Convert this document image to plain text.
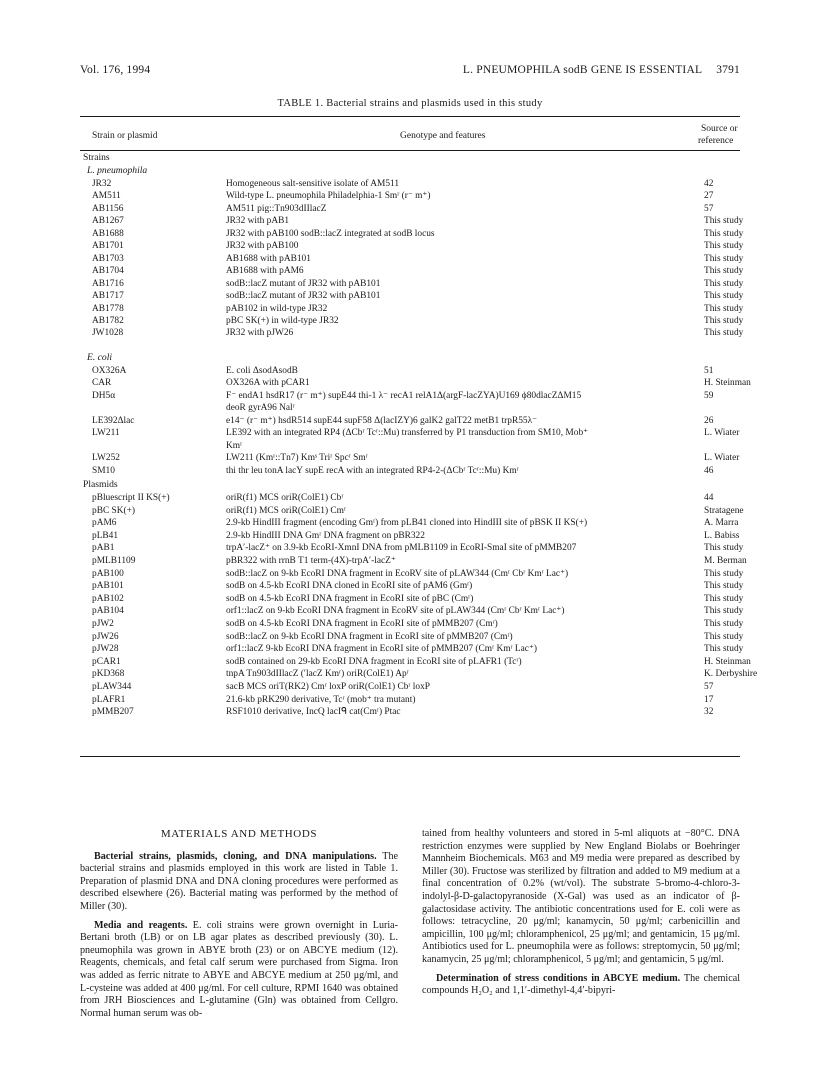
Vol. 176, 1994	L. PNEUMOPHILA sodB GENE IS ESSENTIAL 3791
TABLE 1. Bacterial strains and plasmids used in this study
Strain or plasmid	Genotype and features
Source or
reference
Strains
L. pneumophila
JR32	Homogeneous salt-sensitive isolate of AM511	42
AM511	Wild-type L. pneumophila Philadelphia-1 Smʳ (r⁻ m⁺)	27
AB1156	AM511 pig::Tn903dIIlacZ	57
AB1267	JR32 with pAB1	This study
AB1688	JR32 with pAB100 sodB::lacZ integrated at sodB locus	This study
AB1701	JR32 with pAB100	This study
AB1703	AB1688 with pAB101	This study
AB1704	AB1688 with pAM6	This study
AB1716	sodB::lacZ mutant of JR32 with pAB101	This study
AB1717	sodB::lacZ mutant of JR32 with pAB101	This study
AB1778	pAB102 in wild-type JR32	This study
AB1782	pBC SK(+) in wild-type JR32	This study
JW1028	JR32 with pJW26	This study
E. coli
OX326A	E. coli ΔsodAsodB	51
CAR	OX326A with pCAR1	H. Steinman
DH5α	F⁻ endA1 hsdR17 (r⁻ m⁺) supE44 thi-1 λ⁻ recA1 relA1Δ(argF-lacZYA)U169 ϕ80dlacZΔM15	59
deoR gyrA96 Nalʳ
LE392Δlac	e14⁻ (r⁻ m⁺) hsdR514 supE44 supF58 Δ(lacIZY)6 galK2 galT22 metB1 trpR55λ⁻	26
LW211	LE392 with an integrated RP4 (ΔCbʳ Tcʳ::Mu) transferred by P1 transduction from SM10, Mob⁺	L. Wiater
Kmʳ
LW252	LW211 (Kmʳ::Tn7) Kmˢ Triʳ Spcʳ Smʳ	L. Wiater
SM10	thi thr leu tonA lacY supE recA with an integrated RP4-2-(ΔCbʳ Tcʳ::Mu) Kmʳ	46
Plasmids
pBluescript II KS(+)	oriR(f1) MCS oriR(ColE1) Cbʳ	44
pBC SK(+)	oriR(f1) MCS oriR(ColE1) Cmʳ	Stratagene
pAM6	2.9-kb HindIII fragment (encoding Gmʳ) from pLB41 cloned into HindIII site of pBSK II KS(+)	A. Marra
pLB41	2.9-kb HindIII DNA Gmʳ DNA fragment on pBR322	L. Babiss
pAB1	trpA′-lacZ⁺ on 3.9-kb EcoRI-XmnI DNA from pMLB1109 in EcoRI-SmaI site of pMMB207	This study
pMLB1109	pBR322 with rrnB T1 term-(4X)-trpA′-lacZ⁺	M. Berman
pAB100	sodB::lacZ on 9-kb EcoRI DNA fragment in EcoRV site of pLAW344 (Cmʳ Cbʳ Kmʳ Lac⁺)	This study
pAB101	sodB on 4.5-kb EcoRI DNA cloned in EcoRI site of pAM6 (Gmʳ)	This study
pAB102	sodB on 4.5-kb EcoRI DNA fragment in EcoRI site of pBC (Cmʳ)	This study
pAB104	orf1::lacZ on 9-kb EcoRI DNA fragment in EcoRV site of pLAW344 (Cmʳ Cbʳ Kmʳ Lac⁺)	This study
pJW2	sodB on 4.5-kb EcoRI DNA fragment in EcoRI site of pMMB207 (Cmʳ)	This study
pJW26	sodB::lacZ on 9-kb EcoRI DNA fragment in EcoRI site of pMMB207 (Cmʳ)	This study
pJW28	orf1::lacZ 9-kb EcoRI DNA fragment in EcoRI site of pMMB207 (Cmʳ Kmʳ Lac⁺)	This study
pCAR1	sodB contained on 29-kb EcoRI DNA fragment in EcoRI site of pLAFR1 (Tcʳ)	H. Steinman
pKD368	tnpA Tn903dIIlacZ (′lacZ Kmʳ) oriR(ColE1) Apʳ	K. Derbyshire
pLAW344	sacB MCS oriT(RK2) Cmʳ loxP oriR(ColE1) Cbʳ loxP	57
pLAFR1	21.6-kb pRK290 derivative, Tcʳ (mob⁺ tra mutant)	17
pMMB207	RSF1010 derivative, IncQ lacIᑫ cat(Cmʳ) Ptac	32
MATERIALS AND METHODS

Bacterial strains, plasmids, cloning, and DNA manipulations. The bacterial strains and plasmids employed in this work are listed in Table 1. Preparation of plasmid DNA and DNA cloning procedures were performed as described elsewhere (26). Bacterial mating was performed by the method of Miller (30).

Media and reagents. E. coli strains were grown overnight in Luria-Bertani broth (LB) or on LB agar plates as described previously (30). L. pneumophila was grown in ABYE broth (23) or on ABCYE medium (12). Reagents, chemicals, and fetal calf serum were purchased from Sigma. Iron was added as ferric nitrate to ABYE and ABCYE medium at 250 μg/ml, and L-cysteine was added at 400 μg/ml. For cell culture, RPMI 1640 was obtained from JRH Biosciences and L-glutamine (Gln) was obtained from Cellgro. Normal human serum was ob-

tained from healthy volunteers and stored in 5-ml aliquots at −80°C. DNA restriction enzymes were supplied by New England Biolabs or Boehringer Mannheim Biochemicals. M63 and M9 media were prepared as described by Miller (30). Fructose was sterilized by filtration and added to M9 medium at a final concentration of 0.2% (wt/vol). The substrate 5-bromo-4-chloro-3-indolyl-β-D-galactopyranoside (X-Gal) was used as an indicator of β-galactosidase activity. The antibiotic concentrations used for E. coli were as follows: tetracycline, 20 μg/ml; kanamycin, 50 μg/ml; carbenicillin and ampicillin, 100 μg/ml; chloramphenicol, 25 μg/ml; and gentamicin, 15 μg/ml. Antibiotics used for L. pneumophila were as follows: streptomycin, 50 μg/ml; kanamycin, 25 μg/ml; chloramphenicol, 5 μg/ml; and gentamicin, 5 μg/ml.

Determination of stress conditions in ABCYE medium. The chemical compounds H₂O₂ and 1,1′-dimethyl-4,4′-bipyri-
